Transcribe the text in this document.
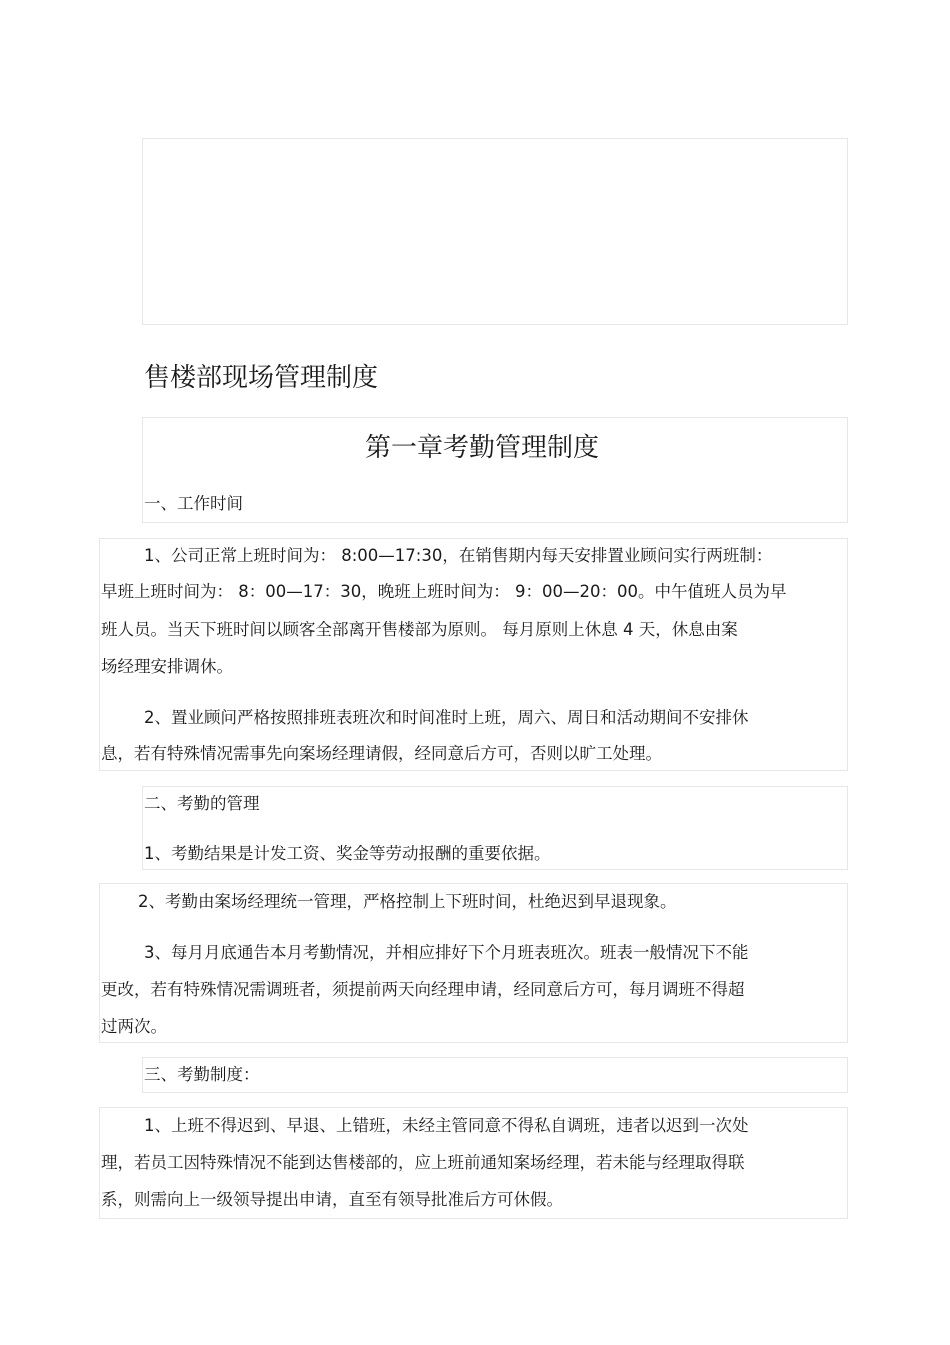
售楼部现场管理制度
第一章考勤管理制度

一、工作时间

1、公司正常上班时间为： 8:00—17:30，在销售期内每天安排置业顾问实行两班制：

早班上班时间为： 8：00—17：30，晚班上班时间为： 9：00—20：00。中午值班人员为早

班人员。当天下班时间以顾客全部离开售楼部为原则。 每月原则上休息 4 天，休息由案

场经理安排调休。

2、置业顾问严格按照排班表班次和时间准时上班，周六、周日和活动期间不安排休

息，若有特殊情况需事先向案场经理请假，经同意后方可，否则以旷工处理。

二、考勤的管理

1、考勤结果是计发工资、奖金等劳动报酬的重要依据。

2、考勤由案场经理统一管理，严格控制上下班时间，杜绝迟到早退现象。

3、每月月底通告本月考勤情况，并相应排好下个月班表班次。班表一般情况下不能

更改，若有特殊情况需调班者，须提前两天向经理申请，经同意后方可，每月调班不得超

过两次。

三、考勤制度：

1、上班不得迟到、早退、上错班，未经主管同意不得私自调班，违者以迟到一次处

理，若员工因特殊情况不能到达售楼部的，应上班前通知案场经理，若未能与经理取得联

系，则需向上一级领导提出申请，直至有领导批准后方可休假。
